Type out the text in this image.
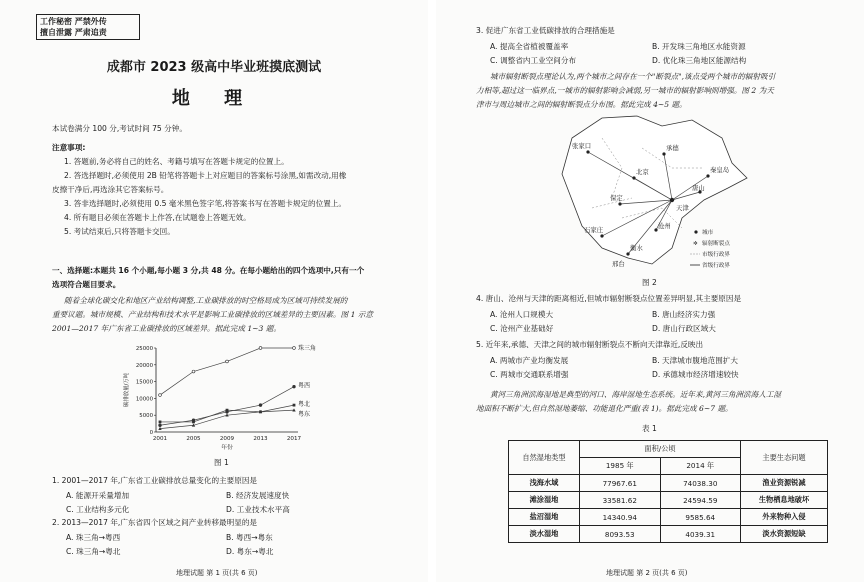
工作秘密 严禁外传
擅自泄露 严肃追责
成都市 2023 级高中毕业班摸底测试
地 理
本试卷满分 100 分,考试时间 75 分钟。
注意事项:
1. 答题前,务必将自己的姓名、考籍号填写在答题卡规定的位置上。
2. 答选择题时,必须使用 2B 铅笔将答题卡上对应题目的答案标号涂黑,如需改动,用橡
皮擦干净后,再选涂其它答案标号。
3. 答非选择题时,必须使用 0.5 毫米黑色签字笔,将答案书写在答题卡规定的位置上。
4. 所有题目必须在答题卡上作答,在试题卷上答题无效。
5. 考试结束后,只将答题卡交回。
一、选择题:本题共 16 个小题,每小题 3 分,共 48 分。在每小题给出的四个选项中,只有一个
选项符合题目要求。
随着全球化碳交化和地区产业结构调整,工业碳排放的时空格局成为区域可持续发展的
重要议题。城市规模、产业结构和技术水平是影响工业碳排放的区域差异的主要因素。图 1 示意
2001—2017 年广东省工业碳排放的区域差异。据此完成 1~3 题。
0
5000
10000
15000
20000
25000
2001	2005	2009	2013	2017
年份
碳排放量/万吨
珠三角
粤西
粤北
粤东
图 1
1. 2001—2017 年,广东省工业碳排放总量变化的主要原因是
A. 能源开采量增加	B. 经济发展速度快
C. 工业结构多元化	D. 工业技术水平高
2. 2013—2017 年,广东省四个区域之间产业转移最明显的是
A. 珠三角→粤西	B. 粤西→粤东
C. 珠三角→粤北	D. 粤东→粤北
地理试题 第 1 页(共 6 页)
3. 促进广东省工业低碳排放的合理措施是
A. 提高全省植被覆盖率	B. 开发珠三角地区水能资源
C. 调整省内工业空间分布	D. 优化珠三角地区能源结构
城市辐射断裂点理论认为,两个城市之间存在一个"断裂点",该点受两个城市的辐射吸引
力相等,超过这一临界点,一城市的辐射影响会减弱,另一城市的辐射影响则增强。图 2 为天
津市与周边城市之间的辐射断裂点分布图。据此完成 4~5 题。
张家口	承德
秦皇岛
北京
天津
保定
唐山
沧州
石家庄
衡水
邢台
城市
✲ 辐射断裂点
市级行政界
省级行政界
图 2
4. 唐山、沧州与天津的距离相近,但城市辐射断裂点位置差异明显,其主要原因是
A. 沧州人口规模大	B. 唐山经济实力强
C. 沧州产业基础好	D. 唐山行政区域大
5. 近年来,承德、天津之间的城市辐射断裂点不断向天津靠近,反映出
A. 两城市产业均衡发展	B. 天津城市腹地范围扩大
C. 两城市交通联系增强	D. 承德城市经济增速较快
黄河三角洲滨海湿地是典型的河口、海岸湿地生态系统。近年来,黄河三角洲滨海人工湿
地面积不断扩大,但自然湿地萎缩、功能退化严重(表 1)。据此完成 6~7 题。
表 1
自然湿地类型	面积/公顷		主要生态问题
	1985 年	2014 年	
浅海水域	77967.61	74038.30	渔业资源锐减
滩涂湿地	33581.62	24594.59	生物栖息地破坏
盐沼湿地	14340.94	9585.64	外来物种入侵
淡水湿地	8093.53	4039.31	淡水资源短缺
地理试题 第 2 页(共 6 页)
